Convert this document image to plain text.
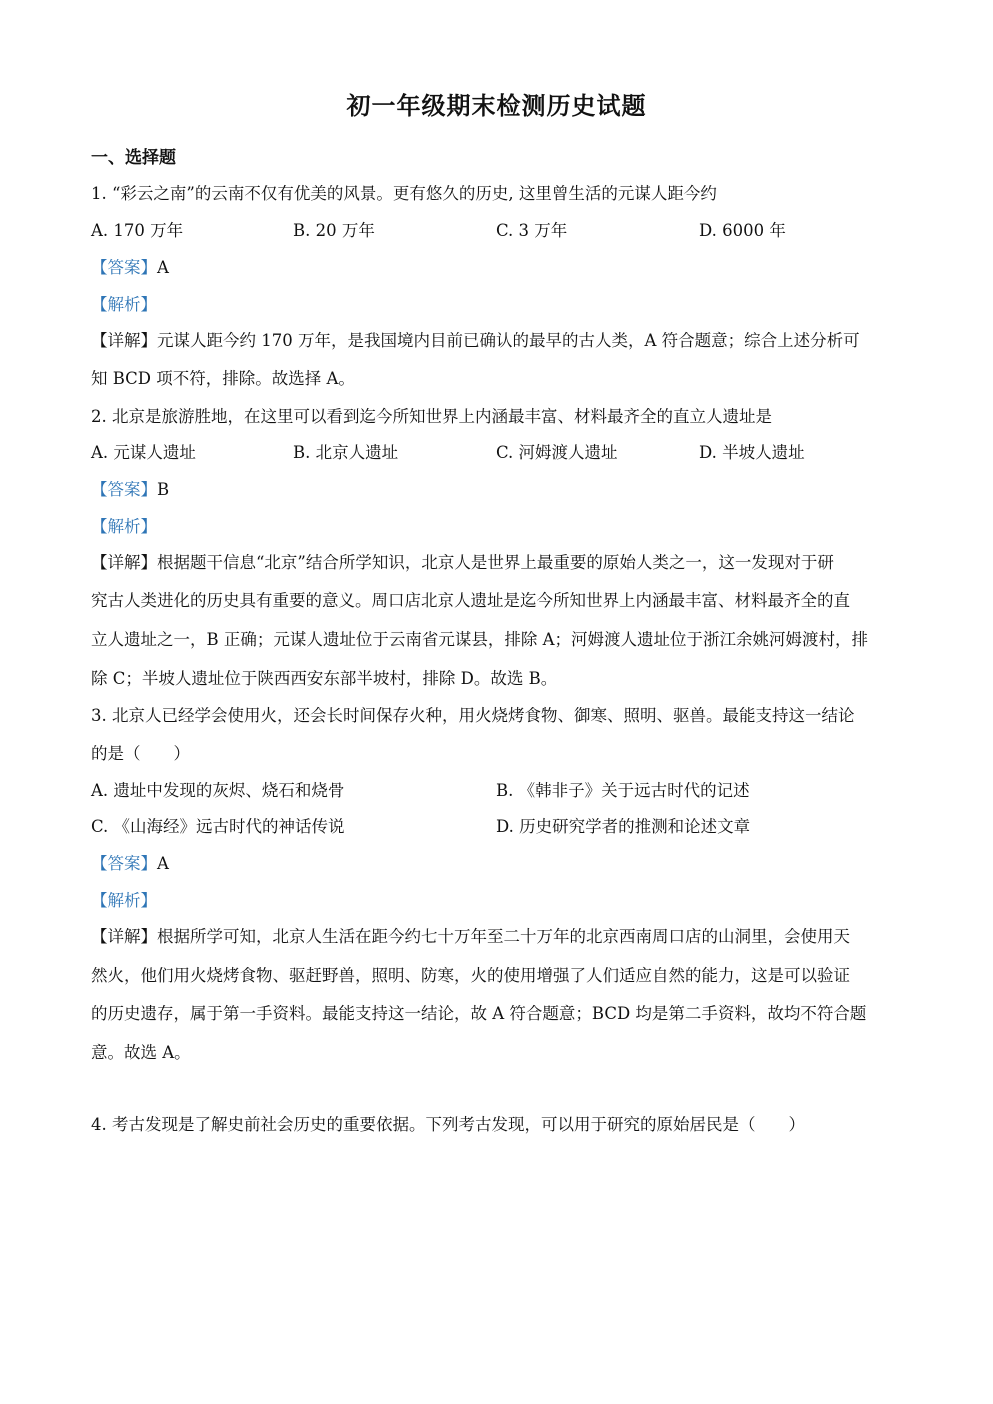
初一年级期末检测历史试题
一、选择题
1. “彩云之南”的云南不仅有优美的风景。更有悠久的历史, 这里曾生活的元谋人距今约
A. 170 万年	B. 20 万年	C. 3 万年	D. 6000 年
【答案】A
【解析】
【详解】元谋人距今约 170 万年，是我国境内目前已确认的最早的古人类，A 符合题意；综合上述分析可
知 BCD 项不符，排除。故选择 A。
2. 北京是旅游胜地，在这里可以看到迄今所知世界上内涵最丰富、材料最齐全的直立人遗址是
A. 元谋人遗址	B. 北京人遗址	C. 河姆渡人遗址	D. 半坡人遗址
【答案】B
【解析】
【详解】根据题干信息“北京”结合所学知识，北京人是世界上最重要的原始人类之一，这一发现对于研
究古人类进化的历史具有重要的意义。周口店北京人遗址是迄今所知世界上内涵最丰富、材料最齐全的直
立人遗址之一，B 正确；元谋人遗址位于云南省元谋县，排除 A；河姆渡人遗址位于浙江余姚河姆渡村，排
除 C；半坡人遗址位于陕西西安东部半坡村，排除 D。故选 B。
3. 北京人已经学会使用火，还会长时间保存火种，用火烧烤食物、御寒、照明、驱兽。最能支持这一结论
的是（　　）
A. 遗址中发现的灰烬、烧石和烧骨	B. 《韩非子》关于远古时代的记述
C. 《山海经》远古时代的神话传说	D. 历史研究学者的推测和论述文章
【答案】A
【解析】
【详解】根据所学可知，北京人生活在距今约七十万年至二十万年的北京西南周口店的山洞里，会使用天
然火，他们用火烧烤食物、驱赶野兽，照明、防寒，火的使用增强了人们适应自然的能力，这是可以验证
的历史遗存，属于第一手资料。最能支持这一结论，故 A 符合题意；BCD 均是第二手资料，故均不符合题
意。故选 A。
4. 考古发现是了解史前社会历史的重要依据。下列考古发现，可以用于研究的原始居民是（　　）
